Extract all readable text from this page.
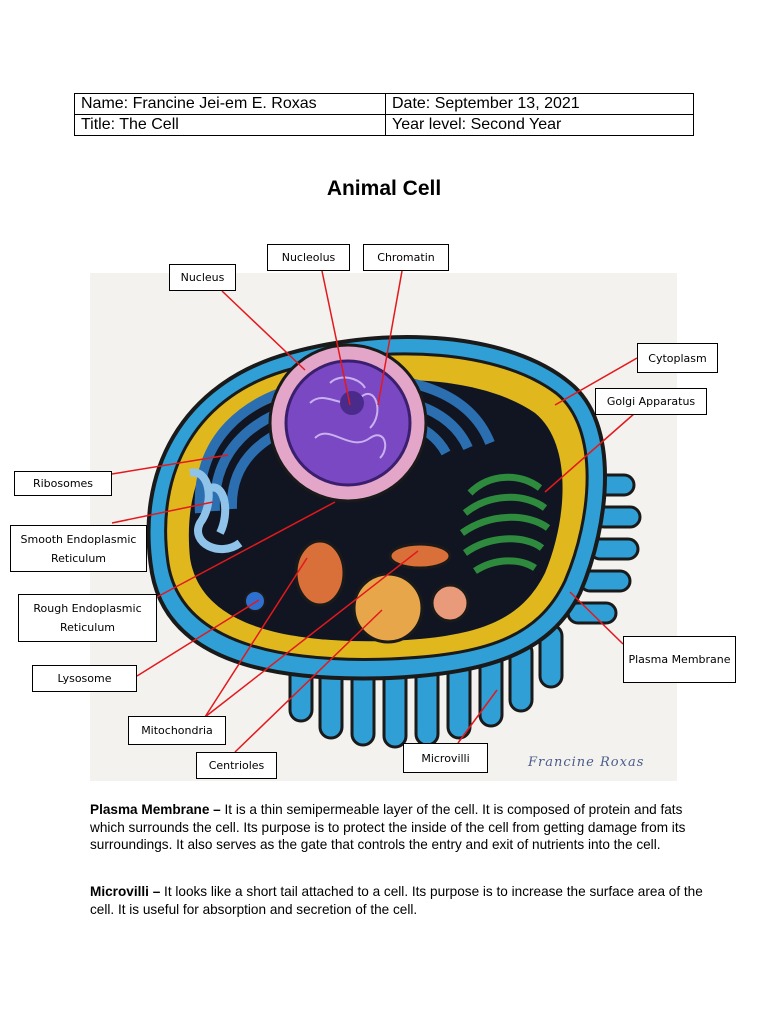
Name: Francine Jei-em E. Roxas	Date: September 13, 2021
Title: The Cell	Year level: Second Year
Animal Cell
Francine Roxas
Nucleus
Nucleolus	Chromatin
Cytoplasm
Golgi Apparatus
Ribosomes
Smooth Endoplasmic Reticulum
Rough Endoplasmic Reticulum
Lysosome
Plasma Membrane
Mitochondria
Centrioles
Microvilli

Plasma Membrane – It is a thin semipermeable layer of the cell. It is composed of protein and fats which surrounds the cell. Its purpose is to protect the inside of the cell from getting damage from its surroundings. It also serves as the gate that controls the entry and exit of nutrients into the cell.

Microvilli – It looks like a short tail attached to a cell. Its purpose is to increase the surface area of the cell. It is useful for absorption and secretion of the cell.
